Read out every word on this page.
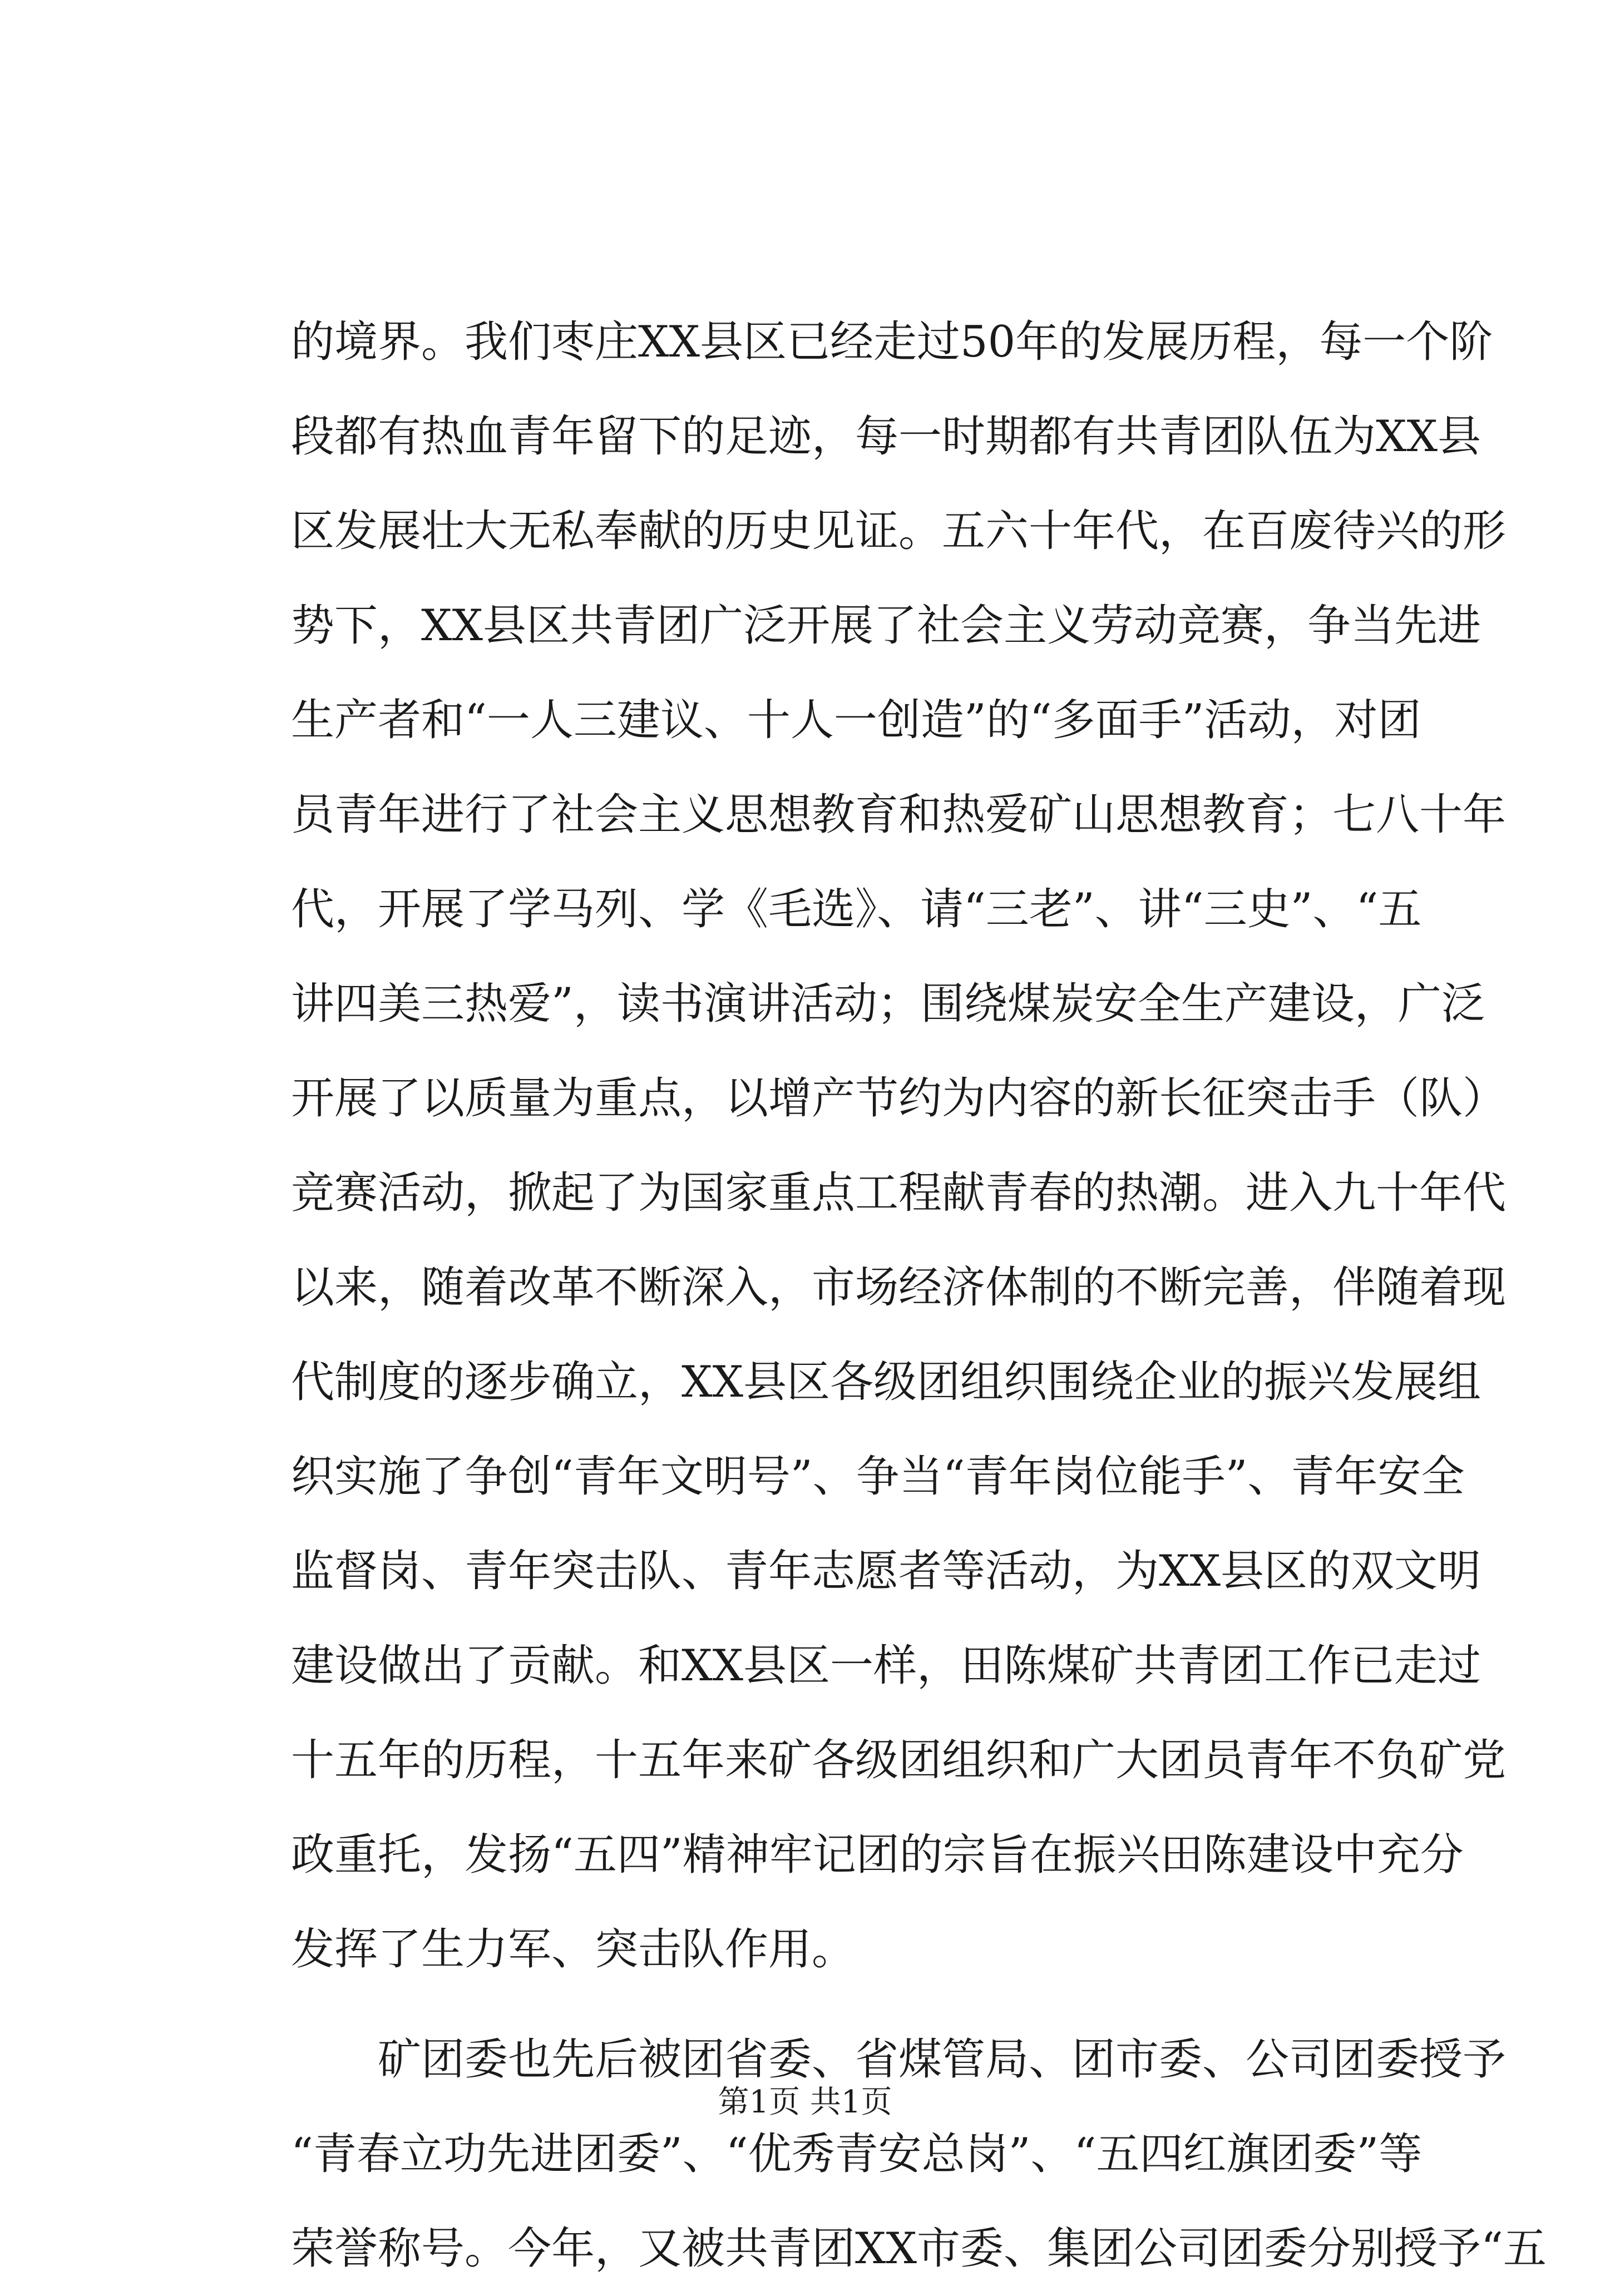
的境界。我们枣庄XX县区已经走过50年的发展历程，每一个阶
段都有热血青年留下的足迹，每一时期都有共青团队伍为XX县
区发展壮大无私奉献的历史见证。五六十年代，在百废待兴的形
势下，XX县区共青团广泛开展了社会主义劳动竞赛，争当先进
生产者和“一人三建议、十人一创造”的“多面手”活动，对团
员青年进行了社会主义思想教育和热爱矿山思想教育；七八十年
代，开展了学马列、学《毛选》、请“三老”、讲“三史”、“五
讲四美三热爱”，读书演讲活动；围绕煤炭安全生产建设，广泛
开展了以质量为重点，以增产节约为内容的新长征突击手（队）
竞赛活动，掀起了为国家重点工程献青春的热潮。进入九十年代
以来，随着改革不断深入，市场经济体制的不断完善，伴随着现
代制度的逐步确立，XX县区各级团组织围绕企业的振兴发展组
织实施了争创“青年文明号”、争当“青年岗位能手”、青年安全
监督岗、青年突击队、青年志愿者等活动，为XX县区的双文明
建设做出了贡献。和XX县区一样，田陈煤矿共青团工作已走过
十五年的历程，十五年来矿各级团组织和广大团员青年不负矿党
政重托，发扬“五四”精神牢记团的宗旨在振兴田陈建设中充分
发挥了生力军、突击队作用。
　　矿团委也先后被团省委、省煤管局、团市委、公司团委授予
“青春立功先进团委”、“优秀青安总岗”、“五四红旗团委”等
荣誉称号。今年，又被共青团XX市委、集团公司团委分别授予“五
第1页 共1页
